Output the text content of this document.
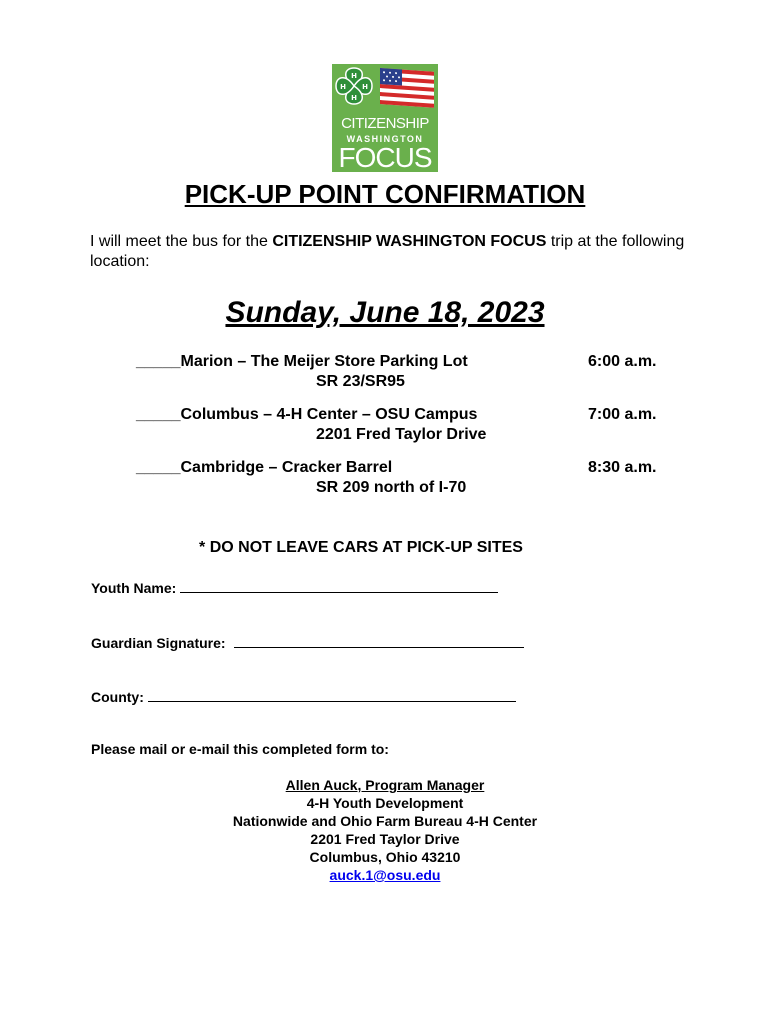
H
H
H
H
CITIZENSHIP
WASHINGTON
FOCUS
PICK-UP POINT CONFIRMATION
I will meet the bus for the CITIZENSHIP WASHINGTON FOCUS trip at the following location:
Sunday, June 18, 2023
_____Marion – The Meijer Store Parking Lot
SR 23/SR95
6:00 a.m.
_____Columbus – 4-H Center – OSU Campus
2201 Fred Taylor Drive
7:00 a.m.
_____Cambridge – Cracker Barrel
SR 209 north of I-70
8:30 a.m.
* DO NOT LEAVE CARS AT PICK-UP SITES
Youth Name:
Guardian Signature:
County:
Please mail or e-mail this completed form to:
Allen Auck, Program Manager
4-H Youth Development
Nationwide and Ohio Farm Bureau 4-H Center
2201 Fred Taylor Drive
Columbus, Ohio 43210
auck.1@osu.edu
